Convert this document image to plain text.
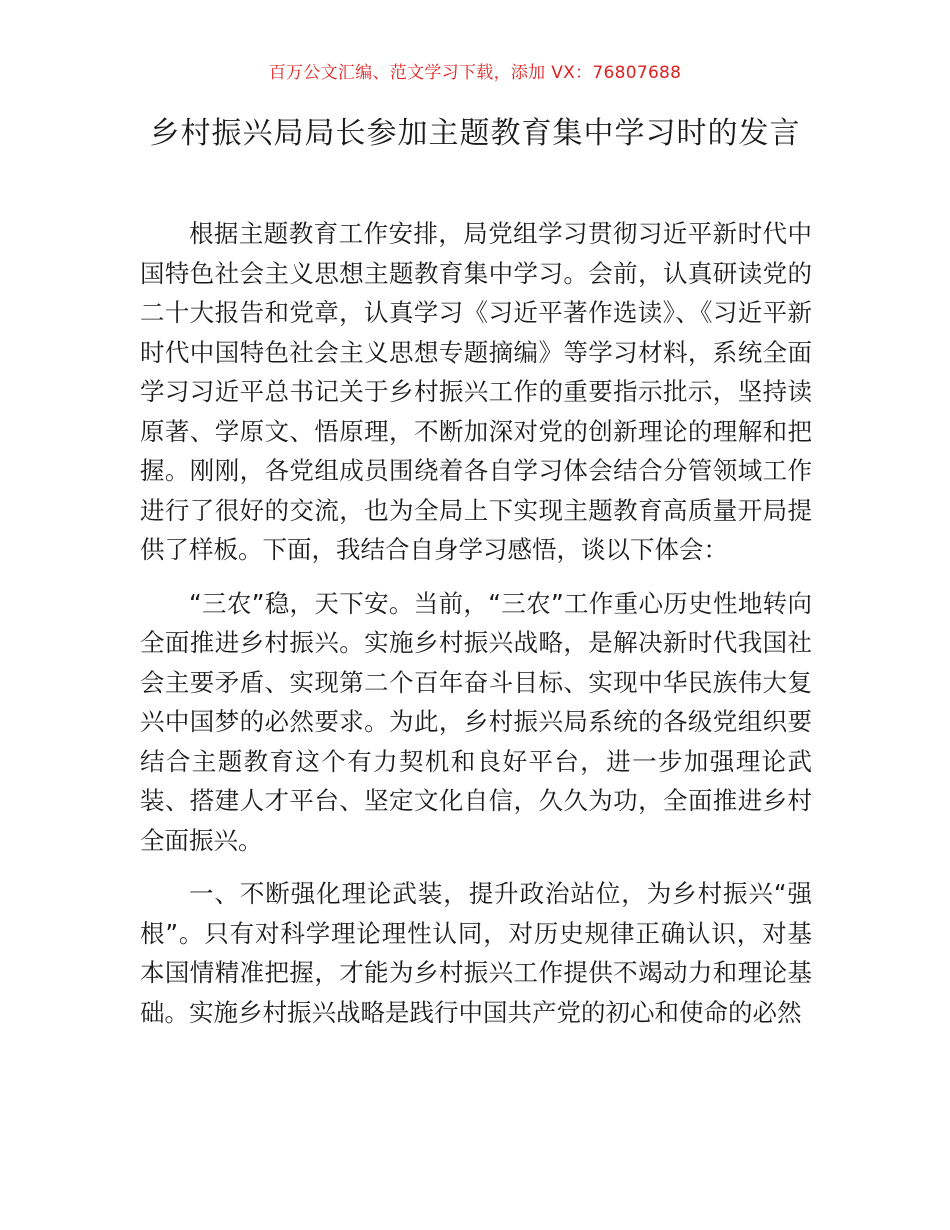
百万公文汇编、范文学习下载，添加 VX：76807688
乡村振兴局局长参加主题教育集中学习时的发言

根据主题教育工作安排，局党组学习贯彻习近平新时代中国特色社会主义思想主题教育集中学习。会前，认真研读党的二十大报告和党章，认真学习《习近平著作选读》、《习近平新时代中国特色社会主义思想专题摘编》等学习材料，系统全面学习习近平总书记关于乡村振兴工作的重要指示批示，坚持读原著、学原文、悟原理，不断加深对党的创新理论的理解和把握。刚刚，各党组成员围绕着各自学习体会结合分管领域工作进行了很好的交流，也为全局上下实现主题教育高质量开局提供了样板。下面，我结合自身学习感悟，谈以下体会：

“三农”稳，天下安。当前，“三农”工作重心历史性地转向全面推进乡村振兴。实施乡村振兴战略，是解决新时代我国社会主要矛盾、实现第二个百年奋斗目标、实现中华民族伟大复兴中国梦的必然要求。为此，乡村振兴局系统的各级党组织要结合主题教育这个有力契机和良好平台，进一步加强理论武装、搭建人才平台、坚定文化自信，久久为功，全面推进乡村全面振兴。

一、不断强化理论武装，提升政治站位，为乡村振兴“强根”。只有对科学理论理性认同，对历史规律正确认识，对基本国情精准把握，才能为乡村振兴工作提供不竭动力和理论基础。实施乡村振兴战略是践行中国共产党的初心和使命的必然
